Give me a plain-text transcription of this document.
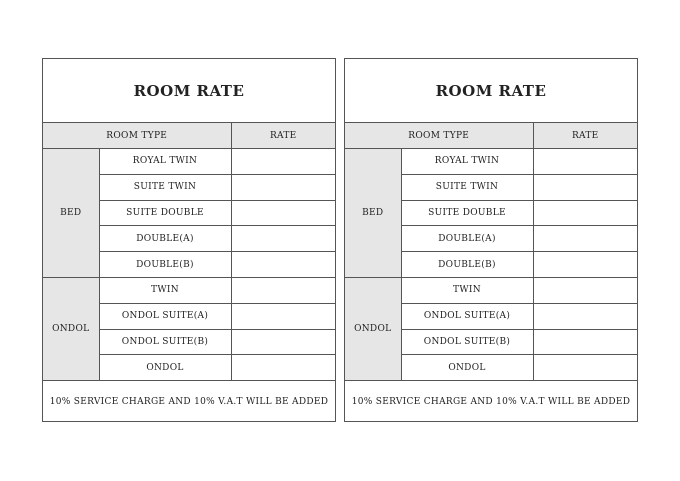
ROOM RATE		
ROOM TYPE		RATE
BED	ROYAL TWIN	
	SUITE TWIN	
	SUITE DOUBLE	
	DOUBLE(A)	
	DOUBLE(B)	
ONDOL	TWIN	
	ONDOL SUITE(A)	
	ONDOL SUITE(B)	
	ONDOL	
10% SERVICE CHARGE AND 10% V.A.T WILL BE ADDED		
ROOM RATE		
ROOM TYPE		RATE
BED	ROYAL TWIN	
	SUITE TWIN	
	SUITE DOUBLE	
	DOUBLE(A)	
	DOUBLE(B)	
ONDOL	TWIN	
	ONDOL SUITE(A)	
	ONDOL SUITE(B)	
	ONDOL	
10% SERVICE CHARGE AND 10% V.A.T WILL BE ADDED		
